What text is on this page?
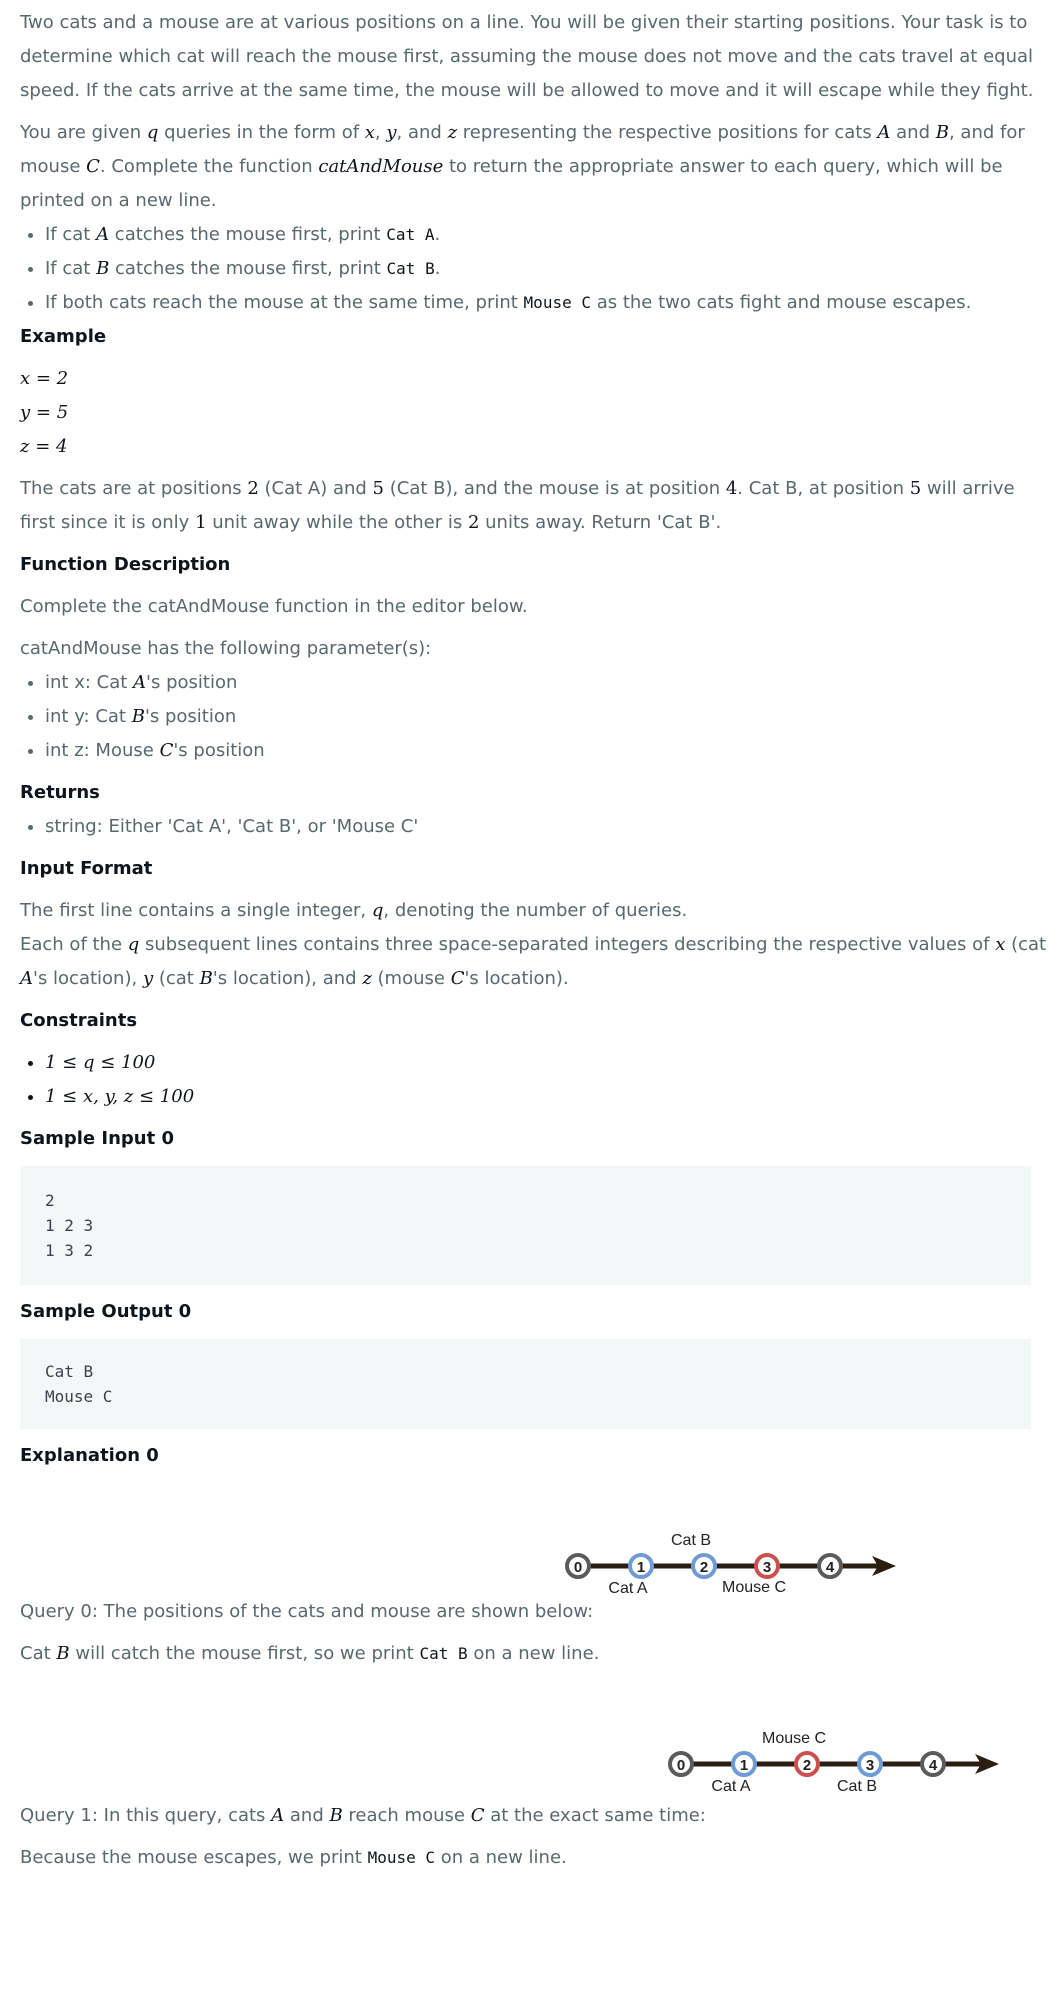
Two cats and a mouse are at various positions on a line. You will be given their starting positions. Your task is to determine which cat will reach the mouse first, assuming the mouse does not move and the cats travel at equal speed. If the cats arrive at the same time, the mouse will be allowed to move and it will escape while they fight.

You are given q queries in the form of x, y, and z representing the respective positions for cats A and B, and for mouse C. Complete the function catAndMouse to return the appropriate answer to each query, which will be printed on a new line.

• If cat A catches the mouse first, print Cat A.
• If cat B catches the mouse first, print Cat B.
• If both cats reach the mouse at the same time, print Mouse C as the two cats fight and mouse escapes.
Example

x = 2

y = 5

z = 4

The cats are at positions 2 (Cat A) and 5 (Cat B), and the mouse is at position 4. Cat B, at position 5 will arrive first since it is only 1 unit away while the other is 2 units away. Return 'Cat B'.

Function Description

Complete the catAndMouse function in the editor below.

catAndMouse has the following parameter(s):

• int x: Cat A's position
• int y: Cat B's position
• int z: Mouse C's position
Returns
• string: Either 'Cat A', 'Cat B', or 'Mouse C'
Input Format

The first line contains a single integer, q, denoting the number of queries.

Each of the q subsequent lines contains three space-separated integers describing the respective values of x (cat A's location), y (cat B's location), and z (mouse C's location).

Constraints
• 1 ≤ q ≤ 100
• 1 ≤ x, y, z ≤ 100
Sample Input 0
2
1 2 3
1 3 2
Sample Output 0
Cat B
Mouse C
Explanation 0
0	1	2	3	4
Cat B
Cat A	Mouse C

Query 0: The positions of the cats and mouse are shown below:

Cat B will catch the mouse first, so we print Cat B on a new line.

0	1	2	3	4
Mouse C
Cat A	Cat B

Query 1: In this query, cats A and B reach mouse C at the exact same time:

Because the mouse escapes, we print Mouse C on a new line.
